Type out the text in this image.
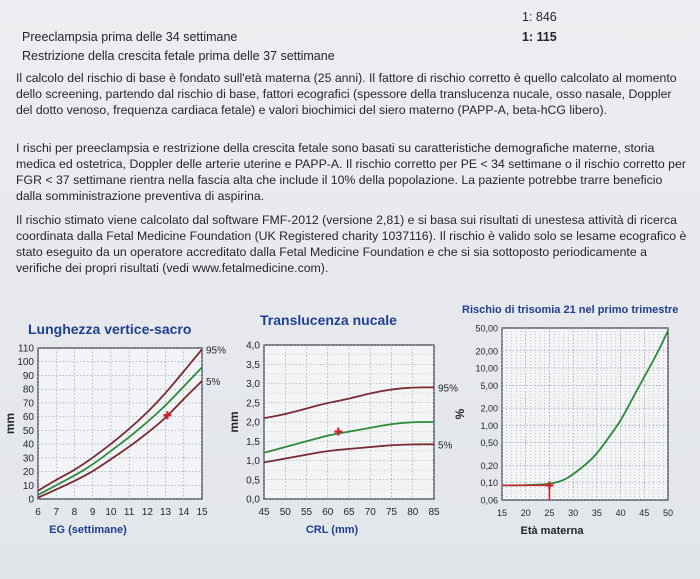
Preeclampsia prima delle 34 settimane
1: 846
Restrizione della crescita fetale prima delle 37 settimane
1: 115

Il calcolo del rischio di base è fondato sull'età materna (25 anni). Il fattore di rischio corretto è quello calcolato al momento dello screening, partendo dal rischio di base, fattori ecografici (spessore della translucenza nucale, osso nasale, Doppler del dotto venoso, frequenza cardiaca fetale) e valori biochimici del siero materno (PAPP-A, beta-hCG libero).

I rischi per preeclampsia e restrizione della crescita fetale sono basati su caratteristiche demografiche materne, storia medica ed ostetrica, Doppler delle arterie uterine e PAPP-A. Il rischio corretto per PE < 34 settimane o il rischio corretto per FGR < 37 settimane rientra nella fascia alta che include il 10% della popolazione. La paziente potrebbe trarre beneficio dalla somministrazione preventiva di aspirina.

Il rischio stimato viene calcolato dal software FMF-2012 (versione 2,81) e si basa sui risultati di unestesa attività di ricerca coordinata dalla Fetal Medicine Foundation (UK Registered charity 1037116). Il rischio è valido solo se lesame ecografico è stato eseguito da un operatore accreditato dalla Fetal Medicine Foundation e che si sia sottoposto periodicamente a verifiche dei propri risultati (vedi www.fetalmedicine.com).

Lunghezza vertice-sacro
6 7 8 9 10 11 12 13 14 15
0
10
20
30
40
50
60
70
80
90
100
110
EG (settimane)
mm
95%
5%
Translucenza nucale
45 50 55 60 65 70 75 80 85
0,0
0,5
1,0
1,5
2,0
2,5
3,0
3,5
4,0
CRL (mm)
mm
95%
5%
Rischio di trisomia 21 nel primo trimestre
15 20 25 30 35 40 45 50
0,06
0,10
0,20
0,50
1,00
2,00
5,00
10,00
20,00
50,00
Età materna
%
